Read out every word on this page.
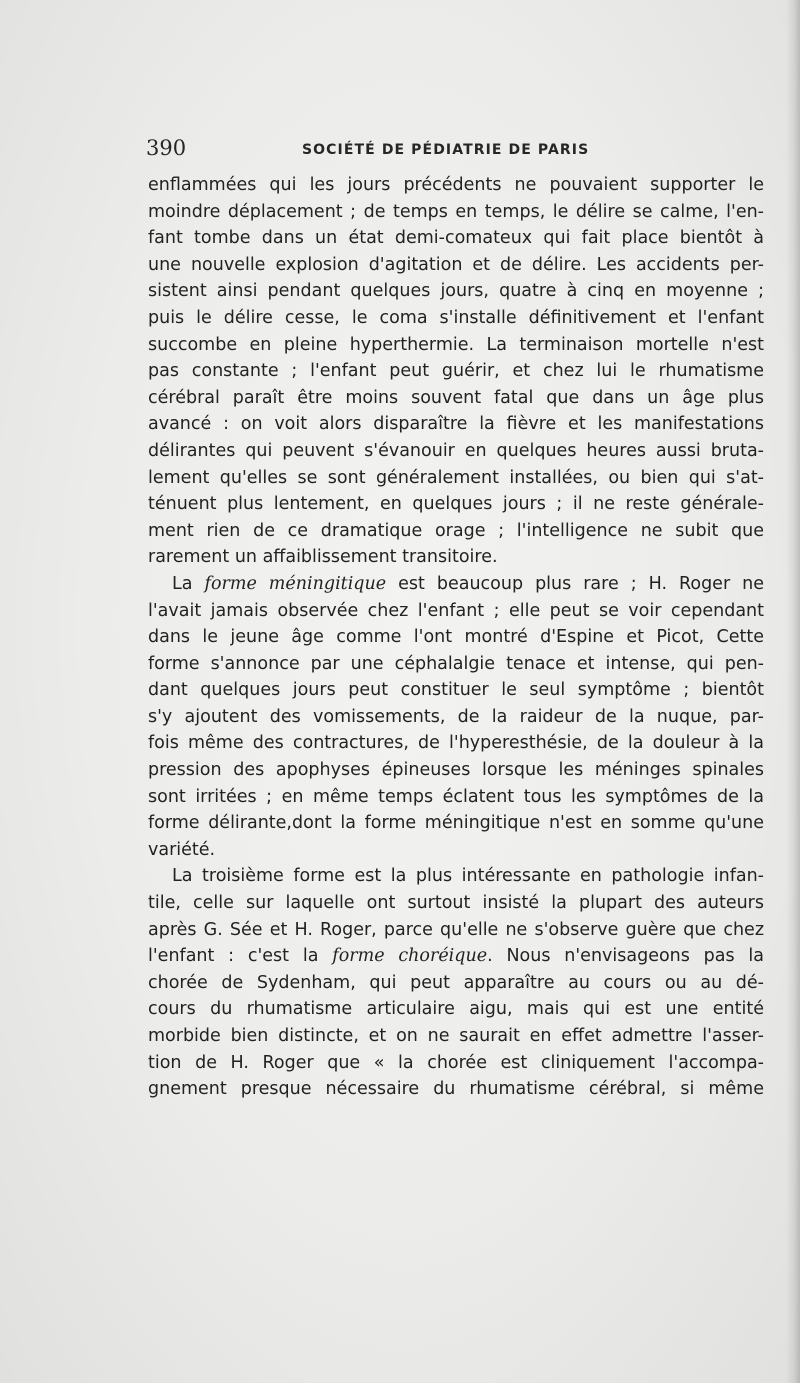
390	SOCIÉTÉ DE PÉDIATRIE DE PARIS
enflammées qui les jours précédents ne pouvaient supporter le
moindre déplacement ; de temps en temps, le délire se calme, l'en-
fant tombe dans un état demi-comateux qui fait place bientôt à
une nouvelle explosion d'agitation et de délire. Les accidents per-
sistent ainsi pendant quelques jours, quatre à cinq en moyenne ;
puis le délire cesse, le coma s'installe définitivement et l'enfant
succombe en pleine hyperthermie. La terminaison mortelle n'est
pas constante ; l'enfant peut guérir, et chez lui le rhumatisme
cérébral paraît être moins souvent fatal que dans un âge plus
avancé : on voit alors disparaître la fièvre et les manifestations
délirantes qui peuvent s'évanouir en quelques heures aussi bruta-
lement qu'elles se sont généralement installées, ou bien qui s'at-
ténuent plus lentement, en quelques jours ; il ne reste générale-
ment rien de ce dramatique orage ; l'intelligence ne subit que
rarement un affaiblissement transitoire.
La forme méningitique est beaucoup plus rare ; H. Roger ne
l'avait jamais observée chez l'enfant ; elle peut se voir cependant
dans le jeune âge comme l'ont montré d'Espine et Picot, Cette
forme s'annonce par une céphalalgie tenace et intense, qui pen-
dant quelques jours peut constituer le seul symptôme ; bientôt
s'y ajoutent des vomissements, de la raideur de la nuque, par-
fois même des contractures, de l'hyperesthésie, de la douleur à la
pression des apophyses épineuses lorsque les méninges spinales
sont irritées ; en même temps éclatent tous les symptômes de la
forme délirante,dont la forme méningitique n'est en somme qu'une
variété.
La troisième forme est la plus intéressante en pathologie infan-
tile, celle sur laquelle ont surtout insisté la plupart des auteurs
après G. Sée et H. Roger, parce qu'elle ne s'observe guère que chez
l'enfant : c'est la forme choréique. Nous n'envisageons pas la
chorée de Sydenham, qui peut apparaître au cours ou au dé-
cours du rhumatisme articulaire aigu, mais qui est une entité
morbide bien distincte, et on ne saurait en effet admettre l'asser-
tion de H. Roger que « la chorée est cliniquement l'accompa-
gnement presque nécessaire du rhumatisme cérébral, si même
